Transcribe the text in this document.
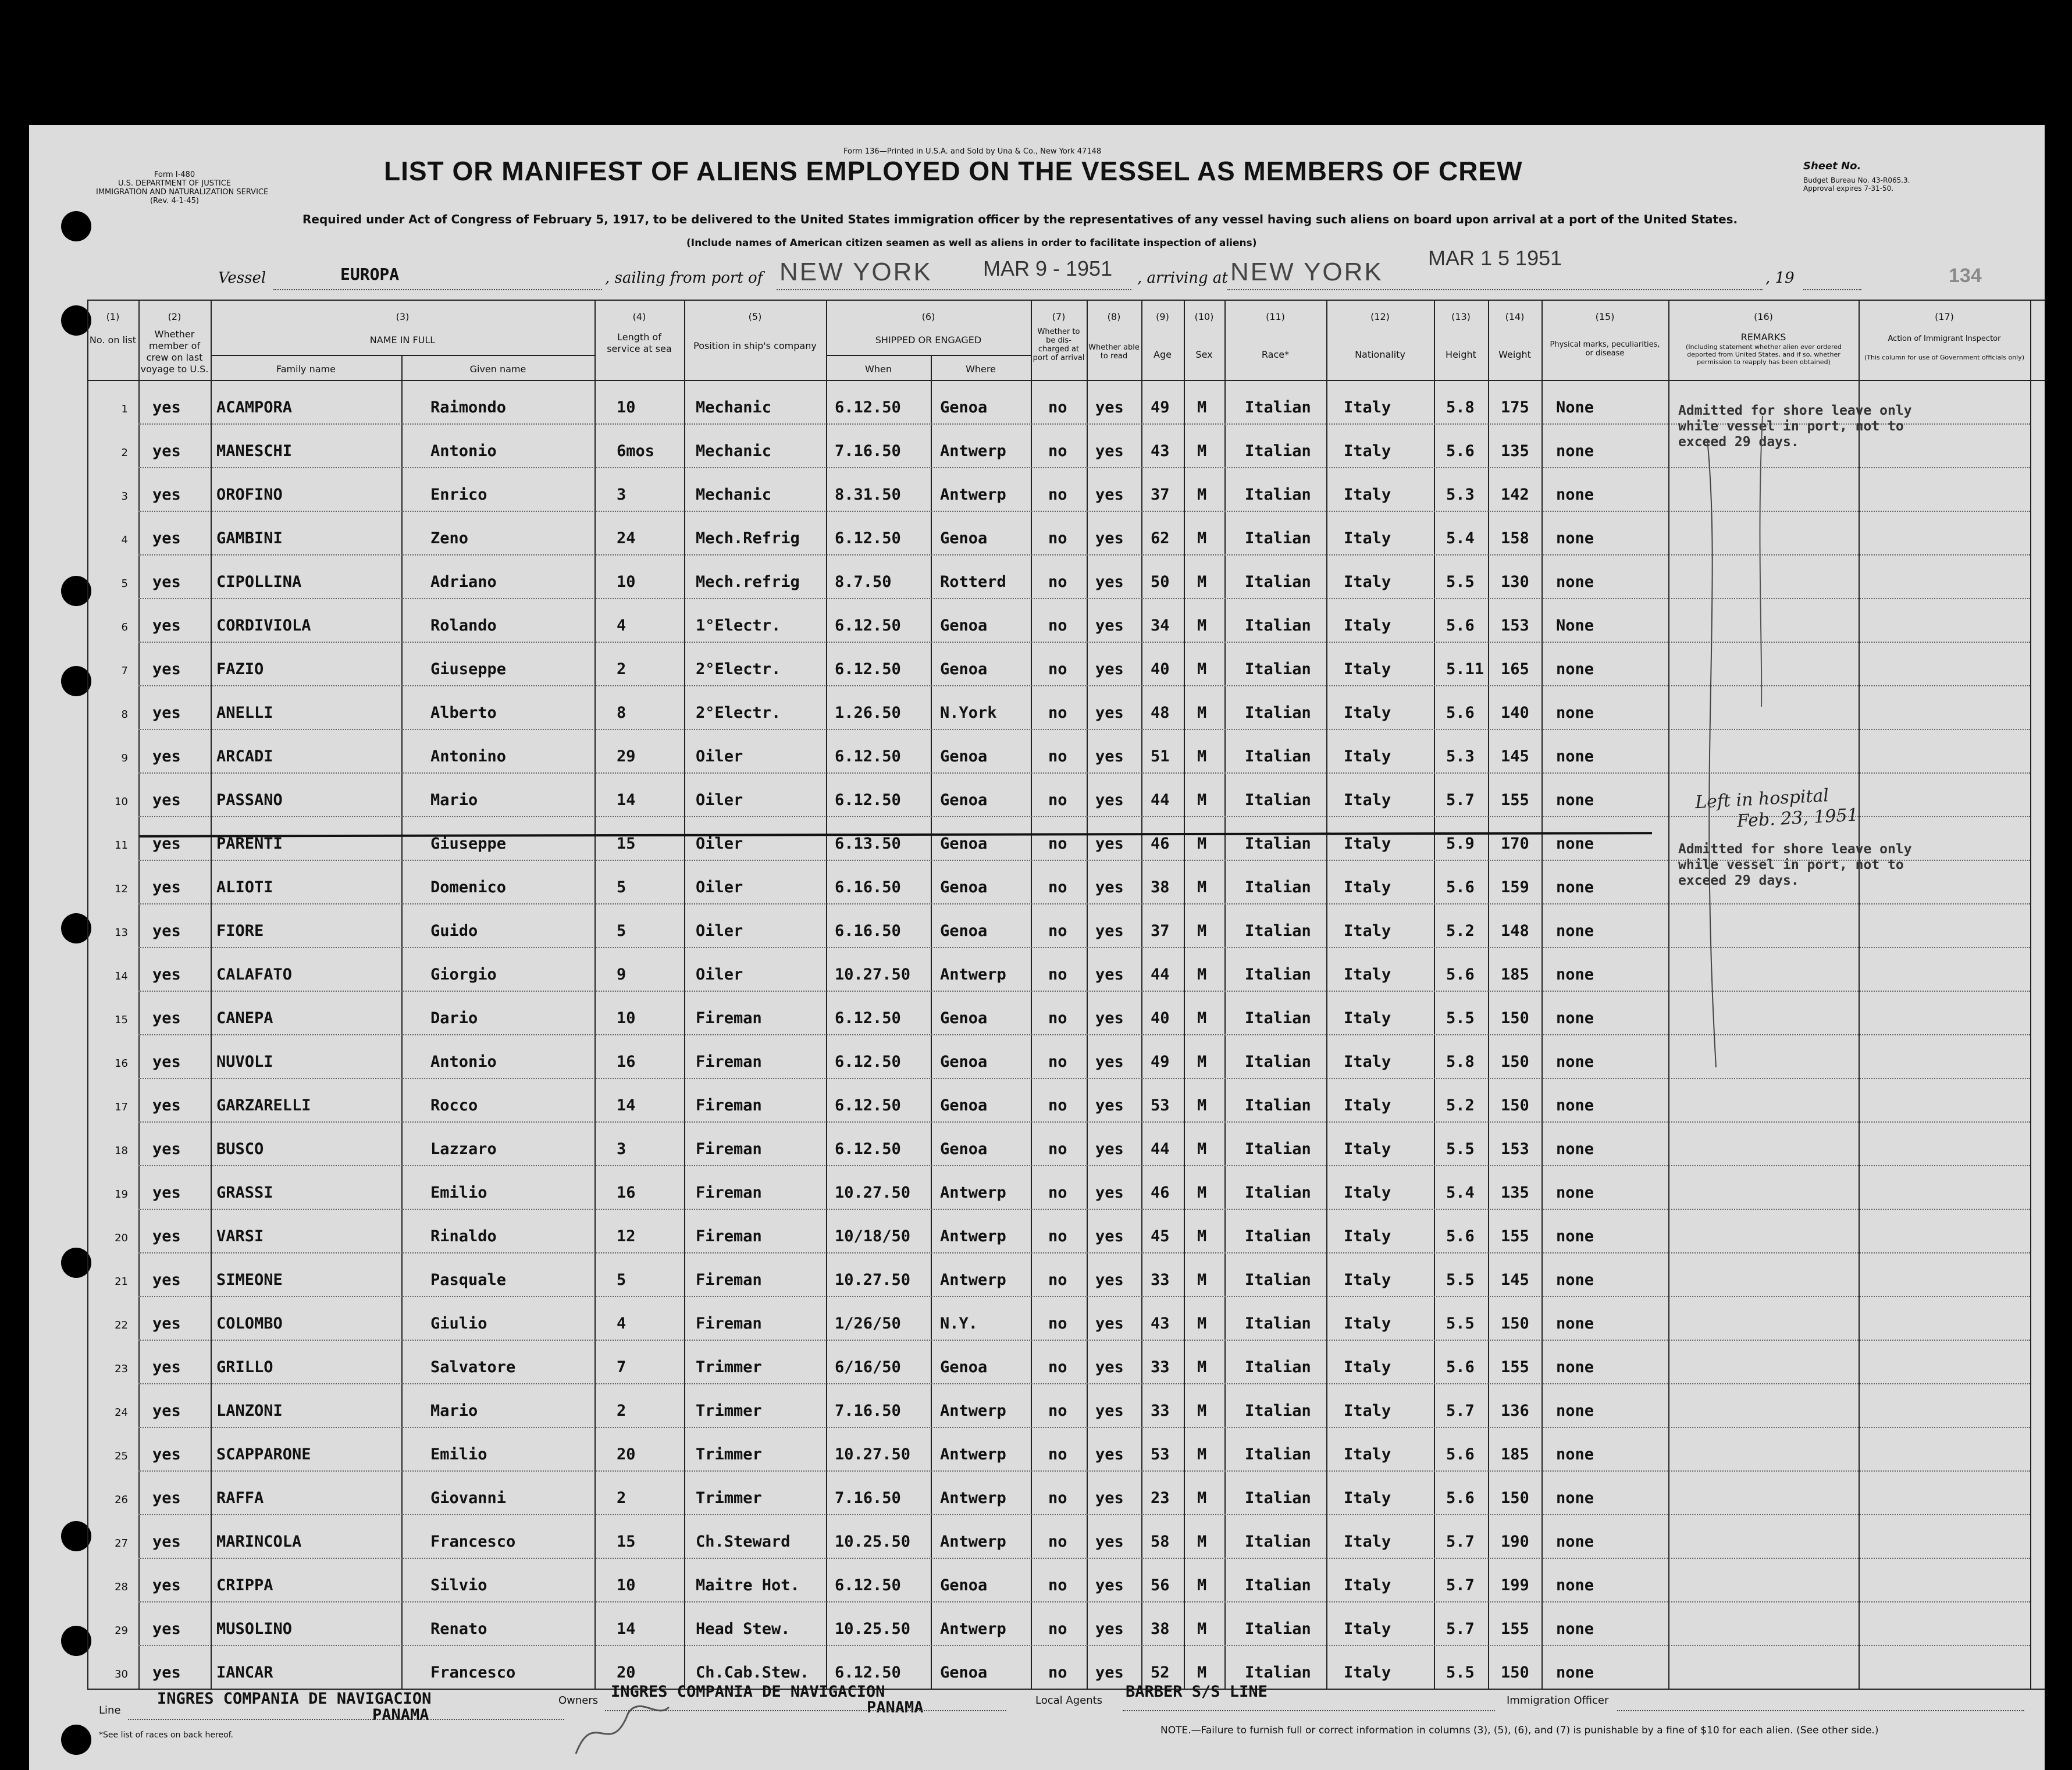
Form 136—Printed in U.S.A. and Sold by Una & Co., New York 47148
Form I-480
U.S. DEPARTMENT OF JUSTICE
IMMIGRATION AND NATURALIZATION SERVICE
(Rev. 4-1-45)
LIST OR MANIFEST OF ALIENS EMPLOYED ON THE VESSEL AS MEMBERS OF CREW	Sheet No.
Budget Bureau No. 43-R065.3.
Approval expires 7-31-50.
Required under Act of Congress of February 5, 1917, to be delivered to the United States immigration officer by the representatives of any vessel having such aliens on board upon arrival at a port of the United States.
(Include names of American citizen seamen as well as aliens in order to facilitate inspection of aliens)
Vessel	EUROPA	, sailing from port of NEW YORK MAR 9 - 1951 , arriving at NEW YORK MAR 1 5 1951
, 19	134
(1)	(2)	(3)	(4)	(5)	(6)	(7)	(8)	(9)	(10)	(11)	(12)	(13)	(14)	(15)	(16)	(17)
No. on list
Whether member of crew on last voyage to U.S.
NAME IN FULL
Family name	Given name
Length of service at sea Position in ship's company
SHIPPED OR ENGAGED
When	Where
Whether to be dis-charged at port of arrival
Whether able to read	Age	Sex	Race*	Nationality	Height	Weight
Physical marks, peculiarities, or disease
REMARKS
(Including statement whether alien ever ordered deported from United States, and if so, whether permission to reapply has been obtained)
Action of Immigrant Inspector
(This column for use of Government officials only)
1 yes ACAMPORA	Raimondo	10	Mechanic	6.12.50 Genoa	no yes 49 M Italian Italy	5.8 175 None
2 yes MANESCHI	Antonio	6mos	Mechanic	7.16.50 Antwerp	no yes 43 M Italian Italy	5.6 135 none
3 yes OROFINO	Enrico	3	Mechanic	8.31.50 Antwerp	no yes 37 M Italian Italy	5.3 142 none
4 yes GAMBINI	Zeno	24	Mech.Refrig 6.12.50 Genoa	no yes 62 M Italian Italy	5.4 158 none
5 yes CIPOLLINA	Adriano	10	Mech.refrig 8.7.50	Rotterd	no yes 50 M Italian Italy	5.5 130 none
6 yes CORDIVIOLA	Rolando	4	1°Electr.	6.12.50 Genoa	no yes 34 M Italian Italy	5.6 153 None
7 yes FAZIO	Giuseppe	2	2°Electr.	6.12.50 Genoa	no yes 40 M Italian Italy	5.11 165 none
8 yes ANELLI	Alberto	8	2°Electr.	1.26.50 N.York	no yes 48 M Italian Italy	5.6 140 none
9 yes ARCADI	Antonino	29	Oiler	6.12.50 Genoa	no yes 51 M Italian Italy	5.3 145 none
10 yes PASSANO	Mario	14	Oiler	6.12.50 Genoa	no yes 44 M Italian Italy	5.7 155 none
11 yes PARENTI	Giuseppe	15	Oiler	6.13.50 Genoa	no yes 46 M Italian Italy	5.9 170 none
12 yes ALIOTI	Domenico	5	Oiler	6.16.50 Genoa	no yes 38 M Italian Italy	5.6 159 none
13 yes FIORE	Guido	5	Oiler	6.16.50 Genoa	no yes 37 M Italian Italy	5.2 148 none
14 yes CALAFATO	Giorgio	9	Oiler	10.27.50 Antwerp	no yes 44 M Italian Italy	5.6 185 none
15 yes CANEPA	Dario	10	Fireman	6.12.50 Genoa	no yes 40 M Italian Italy	5.5 150 none
16 yes NUVOLI	Antonio	16	Fireman	6.12.50 Genoa	no yes 49 M Italian Italy	5.8 150 none
17 yes GARZARELLI	Rocco	14	Fireman	6.12.50 Genoa	no yes 53 M Italian Italy	5.2 150 none
18 yes BUSCO	Lazzaro	3	Fireman	6.12.50 Genoa	no yes 44 M Italian Italy	5.5 153 none
19 yes GRASSI	Emilio	16	Fireman	10.27.50 Antwerp	no yes 46 M Italian Italy	5.4 135 none
20 yes VARSI	Rinaldo	12	Fireman	10/18/50 Antwerp	no yes 45 M Italian Italy	5.6 155 none
21 yes SIMEONE	Pasquale	5	Fireman	10.27.50 Antwerp	no yes 33 M Italian Italy	5.5 145 none
22 yes COLOMBO	Giulio	4	Fireman	1/26/50 N.Y.	no yes 43 M Italian Italy	5.5 150 none
23 yes GRILLO	Salvatore	7	Trimmer	6/16/50 Genoa	no yes 33 M Italian Italy	5.6 155 none
24 yes LANZONI	Mario	2	Trimmer	7.16.50 Antwerp	no yes 33 M Italian Italy	5.7 136 none
25 yes SCAPPARONE	Emilio	20	Trimmer	10.27.50 Antwerp	no yes 53 M Italian Italy	5.6 185 none
26 yes RAFFA	Giovanni	2	Trimmer	7.16.50 Antwerp	no yes 23 M Italian Italy	5.6 150 none
27 yes MARINCOLA	Francesco	15	Ch.Steward	10.25.50 Antwerp	no yes 58 M Italian Italy	5.7 190 none
28 yes CRIPPA	Silvio	10	Maitre Hot. 6.12.50 Genoa	no yes 56 M Italian Italy	5.7 199 none
29 yes MUSOLINO	Renato	14	Head Stew.	10.25.50 Antwerp	no yes 38 M Italian Italy	5.7 155 none
30 yes IANCAR	Francesco	20	Ch.Cab.Stew. 6.12.50 Genoa	no yes 52 M Italian Italy	5.5 150 none
Admitted for shore leave only
while vessel in port, not to
exceed 29 days.
Admitted for shore leave only
while vessel in port, not to
exceed 29 days.
Left in hospital
Feb. 23, 1951
Line
INGRES COMPANIA DE NAVIGACION
PANAMA
Owners INGRES COMPANIA DE NAVIGACION
PANAMA	Local Agents BARBER S/S LINE	Immigration Officer
*See list of races on back hereof.	NOTE.—Failure to furnish full or correct information in columns (3), (5), (6), and (7) is punishable by a fine of $10 for each alien. (See other side.)
